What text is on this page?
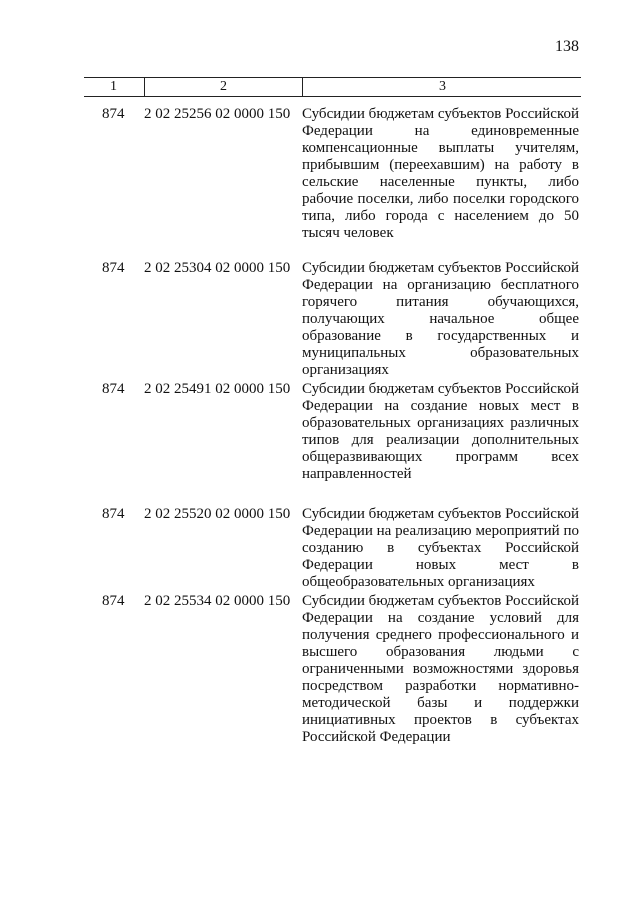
138
1	2	3
874 2 02 25256 02 0000 150 Субсидии бюджетам субъектов Российской Федерации на единовременные компенсационные выплаты учителям, прибывшим (переехавшим) на работу в сельские населенные пункты, либо рабочие поселки, либо поселки городского типа, либо города с населением до 50 тысяч человек
874 2 02 25304 02 0000 150 Субсидии бюджетам субъектов Российской Федерации на организацию бесплатного горячего питания обучающихся, получающих начальное общее образование в государственных и муниципальных образовательных организациях
874 2 02 25491 02 0000 150 Субсидии бюджетам субъектов Российской Федерации на создание новых мест в образовательных организациях различных типов для реализации дополнительных общеразвивающих программ всех направленностей
874 2 02 25520 02 0000 150 Субсидии бюджетам субъектов Российской Федерации на реализацию мероприятий по созданию в субъектах Российской Федерации новых мест в общеобразовательных организациях
874 2 02 25534 02 0000 150 Субсидии бюджетам субъектов Российской Федерации на создание условий для получения среднего профессионального и высшего образования людьми с ограниченными возможностями здоровья посредством разработки нормативно-методической базы и поддержки инициативных проектов в субъектах Российской Федерации
